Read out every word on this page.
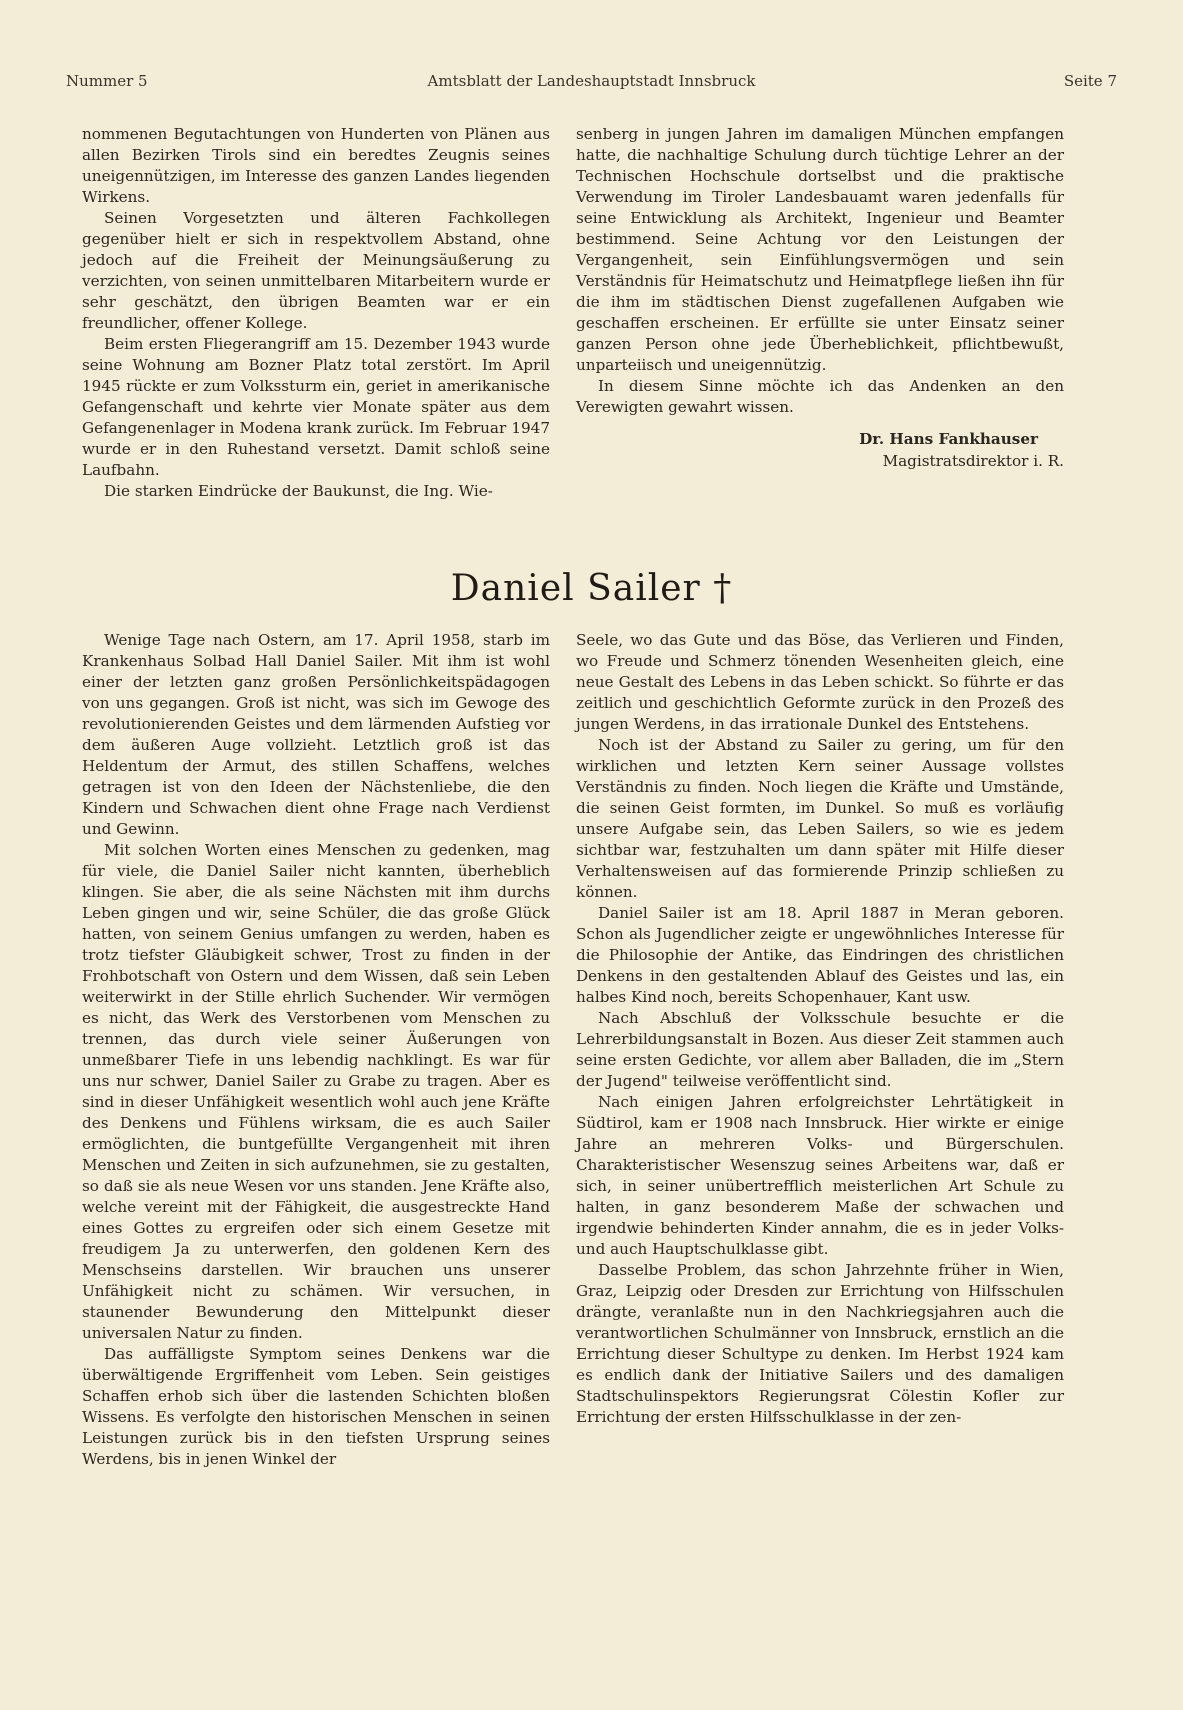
Nummer 5	Amtsblatt der Landeshauptstadt Innsbruck	Seite 7

nommenen Begutachtungen von Hunderten von Plänen aus allen Bezirken Tirols sind ein beredtes Zeugnis seines uneigennützigen, im Interesse des ganzen Landes liegenden Wirkens.

Seinen Vorgesetzten und älteren Fachkollegen gegenüber hielt er sich in respektvollem Abstand, ohne jedoch auf die Freiheit der Meinungsäußerung zu verzichten, von seinen unmittelbaren Mitarbeitern wurde er sehr geschätzt, den übrigen Beamten war er ein freundlicher, offener Kollege.

Beim ersten Fliegerangriff am 15. Dezember 1943 wurde seine Wohnung am Bozner Platz total zerstört. Im April 1945 rückte er zum Volkssturm ein, geriet in amerikanische Gefangenschaft und kehrte vier Monate später aus dem Gefangenenlager in Modena krank zurück. Im Februar 1947 wurde er in den Ruhestand versetzt. Damit schloß seine Laufbahn.

Die starken Eindrücke der Baukunst, die Ing. Wie-

senberg in jungen Jahren im damaligen München empfangen hatte, die nachhaltige Schulung durch tüchtige Lehrer an der Technischen Hochschule dortselbst und die praktische Verwendung im Tiroler Landesbauamt waren jedenfalls für seine Entwicklung als Architekt, Ingenieur und Beamter bestimmend. Seine Achtung vor den Leistungen der Vergangenheit, sein Einfühlungsvermögen und sein Verständnis für Heimatschutz und Heimatpflege ließen ihn für die ihm im städtischen Dienst zugefallenen Aufgaben wie geschaffen erscheinen. Er erfüllte sie unter Einsatz seiner ganzen Person ohne jede Überheblichkeit, pflichtbewußt, unparteiisch und uneigennützig.

In diesem Sinne möchte ich das Andenken an den Verewigten gewahrt wissen.

Dr. Hans Fankhauser
Magistratsdirektor i. R.
Daniel Sailer †

Wenige Tage nach Ostern, am 17. April 1958, starb im Krankenhaus Solbad Hall Daniel Sailer. Mit ihm ist wohl einer der letzten ganz großen Persönlichkeitspädagogen von uns gegangen. Groß ist nicht, was sich im Gewoge des revolutionierenden Geistes und dem lärmenden Aufstieg vor dem äußeren Auge vollzieht. Letztlich groß ist das Heldentum der Armut, des stillen Schaffens, welches getragen ist von den Ideen der Nächstenliebe, die den Kindern und Schwachen dient ohne Frage nach Verdienst und Gewinn.

Mit solchen Worten eines Menschen zu gedenken, mag für viele, die Daniel Sailer nicht kannten, überheblich klingen. Sie aber, die als seine Nächsten mit ihm durchs Leben gingen und wir, seine Schüler, die das große Glück hatten, von seinem Genius umfangen zu werden, haben es trotz tiefster Gläubigkeit schwer, Trost zu finden in der Frohbotschaft von Ostern und dem Wissen, daß sein Leben weiterwirkt in der Stille ehrlich Suchender. Wir vermögen es nicht, das Werk des Verstorbenen vom Menschen zu trennen, das durch viele seiner Äußerungen von unmeßbarer Tiefe in uns lebendig nachklingt. Es war für uns nur schwer, Daniel Sailer zu Grabe zu tragen. Aber es sind in dieser Unfähigkeit wesentlich wohl auch jene Kräfte des Denkens und Fühlens wirksam, die es auch Sailer ermöglichten, die buntgefüllte Vergangenheit mit ihren Menschen und Zeiten in sich aufzunehmen, sie zu gestalten, so daß sie als neue Wesen vor uns standen. Jene Kräfte also, welche vereint mit der Fähigkeit, die ausgestreckte Hand eines Gottes zu ergreifen oder sich einem Gesetze mit freudigem Ja zu unterwerfen, den goldenen Kern des Menschseins darstellen. Wir brauchen uns unserer Unfähigkeit nicht zu schämen. Wir versuchen, in staunender Bewunderung den Mittelpunkt dieser universalen Natur zu finden.

Das auffälligste Symptom seines Denkens war die überwältigende Ergriffenheit vom Leben. Sein geistiges Schaffen erhob sich über die lastenden Schichten bloßen Wissens. Es verfolgte den historischen Menschen in seinen Leistungen zurück bis in den tiefsten Ursprung seines Werdens, bis in jenen Winkel der

Seele, wo das Gute und das Böse, das Verlieren und Finden, wo Freude und Schmerz tönenden Wesenheiten gleich, eine neue Gestalt des Lebens in das Leben schickt. So führte er das zeitlich und geschichtlich Geformte zurück in den Prozeß des jungen Werdens, in das irrationale Dunkel des Entstehens.

Noch ist der Abstand zu Sailer zu gering, um für den wirklichen und letzten Kern seiner Aussage vollstes Verständnis zu finden. Noch liegen die Kräfte und Umstände, die seinen Geist formten, im Dunkel. So muß es vorläufig unsere Aufgabe sein, das Leben Sailers, so wie es jedem sichtbar war, festzuhalten um dann später mit Hilfe dieser Verhaltensweisen auf das formierende Prinzip schließen zu können.

Daniel Sailer ist am 18. April 1887 in Meran geboren. Schon als Jugendlicher zeigte er ungewöhnliches Interesse für die Philosophie der Antike, das Eindringen des christlichen Denkens in den gestaltenden Ablauf des Geistes und las, ein halbes Kind noch, bereits Schopenhauer, Kant usw.

Nach Abschluß der Volksschule besuchte er die Lehrerbildungsanstalt in Bozen. Aus dieser Zeit stammen auch seine ersten Gedichte, vor allem aber Balladen, die im „Stern der Jugend" teilweise veröffentlicht sind.

Nach einigen Jahren erfolgreichster Lehrtätigkeit in Südtirol, kam er 1908 nach Innsbruck. Hier wirkte er einige Jahre an mehreren Volks- und Bürgerschulen. Charakteristischer Wesenszug seines Arbeitens war, daß er sich, in seiner unübertrefflich meisterlichen Art Schule zu halten, in ganz besonderem Maße der schwachen und irgendwie behinderten Kinder annahm, die es in jeder Volks- und auch Hauptschulklasse gibt.

Dasselbe Problem, das schon Jahrzehnte früher in Wien, Graz, Leipzig oder Dresden zur Errichtung von Hilfsschulen drängte, veranlaßte nun in den Nachkriegsjahren auch die verantwortlichen Schulmänner von Innsbruck, ernstlich an die Errichtung dieser Schultype zu denken. Im Herbst 1924 kam es endlich dank der Initiative Sailers und des damaligen Stadtschulinspektors Regierungsrat Cölestin Kofler zur Errichtung der ersten Hilfsschulklasse in der zen-
